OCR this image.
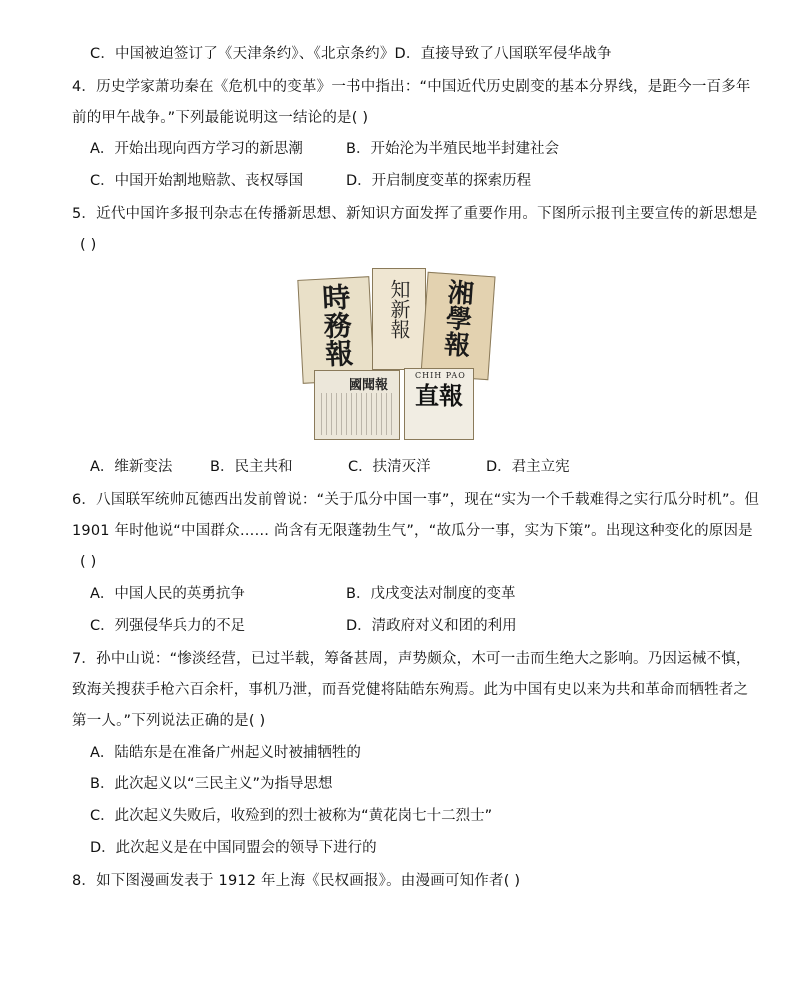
C．中国被迫签订了《天津条约》、《北京条约》D．直接导致了八国联军侵华战争
4．历史学家萧功秦在《危机中的变革》一书中指出：“中国近代历史剧变的基本分界线，是距今一百多年
前的甲午战争。”下列最能说明这一结论的是( )
A．开始出现向西方学习的新思潮	B．开始沦为半殖民地半封建社会
C．中国开始割地赔款、丧权辱国	D．开启制度变革的探索历程
5．近代中国许多报刊杂志在传播新思想、新知识方面发挥了重要作用。下图所示报刊主要宣传的新思想是
( )
時務報 知新報 湘學報
國聞報
CHIH PAO
直報
A．维新变法	B．民主共和	C．扶清灭洋	D．君主立宪
6．八国联军统帅瓦德西出发前曾说：“关于瓜分中国一事”，现在“实为一个千载难得之实行瓜分时机”。但
1901 年时他说“中国群众…… 尚含有无限蓬勃生气”，“故瓜分一事，实为下策”。出现这种变化的原因是
( )
A．中国人民的英勇抗争	B．戊戌变法对制度的变革
C．列强侵华兵力的不足	D．清政府对义和团的利用
7．孙中山说：“惨淡经营，已过半载，筹备甚周，声势颇众，木可一击而生绝大之影响。乃因运械不慎，
致海关搜获手枪六百余杆，事机乃泄，而吾党健将陆皓东殉焉。此为中国有史以来为共和革命而牺牲者之
第一人。”下列说法正确的是( )
A．陆皓东是在准备广州起义时被捕牺牲的
B．此次起义以“三民主义”为指导思想
C．此次起义失败后，收殓到的烈士被称为“黄花岗七十二烈士”
D．此次起义是在中国同盟会的领导下进行的
8．如下图漫画发表于 1912 年上海《民权画报》。由漫画可知作者( )
